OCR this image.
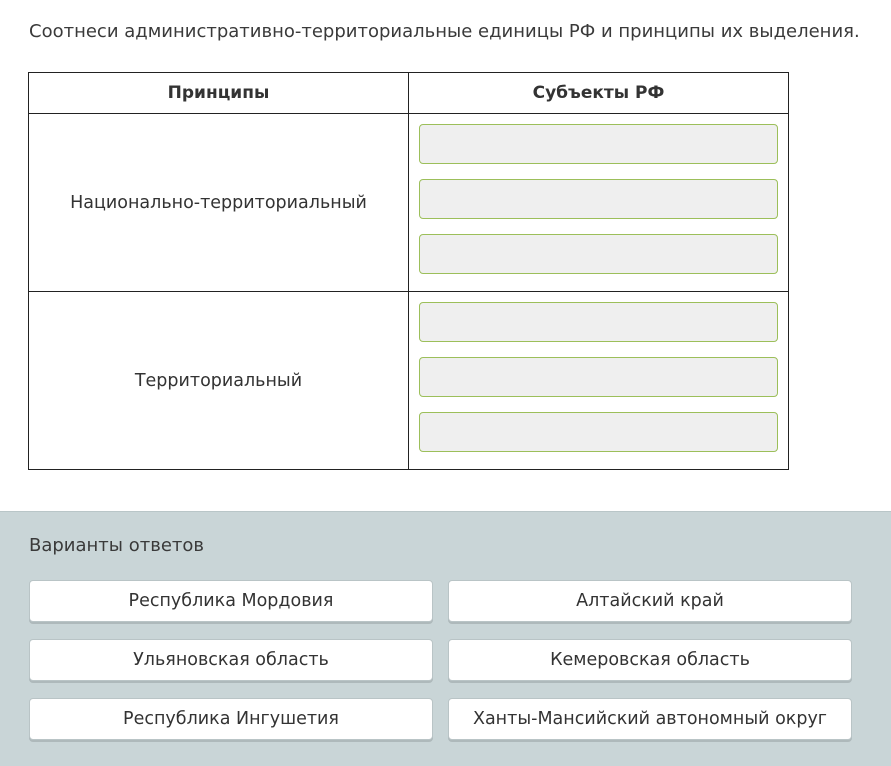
Соотнеси административно-территориальные единицы РФ и принципы их выделения.
Принципы	Субъекты РФ
Национально-территориальный	

Территориальный	
Варианты ответов
Республика Мордовия	Алтайский край
Ульяновская область	Кемеровская область
Республика Ингушетия	Ханты-Мансийский автономный округ
